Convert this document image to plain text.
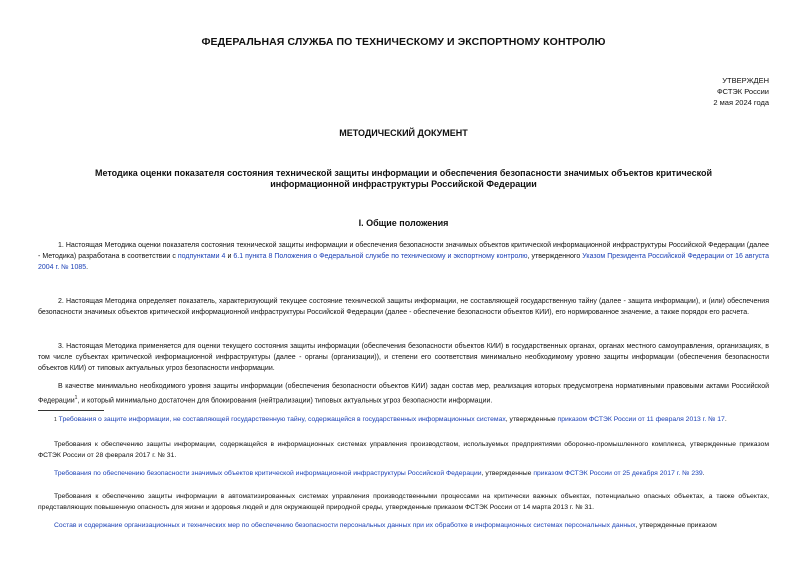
ФЕДЕРАЛЬНАЯ СЛУЖБА ПО ТЕХНИЧЕСКОМУ И ЭКСПОРТНОМУ КОНТРОЛЮ
УТВЕРЖДЕН
ФСТЭК России
2 мая 2024 года
МЕТОДИЧЕСКИЙ ДОКУМЕНТ
Методика оценки показателя состояния технической защиты информации и обеспечения безопасности значимых объектов критической информационной инфраструктуры Российской Федерации
I. Общие положения
1. Настоящая Методика оценки показателя состояния технической защиты информации и обеспечения безопасности значимых объектов критической информационной инфраструктуры Российской Федерации (далее - Методика) разработана в соответствии с подпунктами 4 и 6.1 пункта 8 Положения о Федеральной службе по техническому и экспортному контролю, утвержденного Указом Президента Российской Федерации от 16 августа 2004 г. № 1085.
2. Настоящая Методика определяет показатель, характеризующий текущее состояние технической защиты информации, не составляющей государственную тайну (далее - защита информации), и (или) обеспечения безопасности значимых объектов критической информационной инфраструктуры Российской Федерации (далее - обеспечение безопасности объектов КИИ), его нормированное значение, а также порядок его расчета.
3. Настоящая Методика применяется для оценки текущего состояния защиты информации (обеспечения безопасности объектов КИИ) в государственных органах, органах местного самоуправления, организациях, в том числе субъектах критической информационной инфраструктуры (далее - органы (организации)), и степени его соответствия минимально необходимому уровню защиты информации (обеспечения безопасности объектов КИИ) от типовых актуальных угроз безопасности информации.
В качестве минимально необходимого уровня защиты информации (обеспечения безопасности объектов КИИ) задан состав мер, реализация которых предусмотрена нормативными правовыми актами Российской Федерации$^1$, и который минимально достаточен для блокирования (нейтрализации) типовых актуальных угроз безопасности информации.
$^1$ Требования о защите информации, не составляющей государственную тайну, содержащейся в государственных информационных системах, утвержденные приказом ФСТЭК России от 11 февраля 2013 г. № 17.
Требования к обеспечению защиты информации, содержащейся в информационных системах управления производством, используемых предприятиями оборонно-промышленного комплекса, утвержденные приказом ФСТЭК России от 28 февраля 2017 г. № 31.
Требования по обеспечению безопасности значимых объектов критической информационной инфраструктуры Российской Федерации, утвержденные приказом ФСТЭК России от 25 декабря 2017 г. № 239.
Требования к обеспечению защиты информации в автоматизированных системах управления производственными процессами на критически важных объектах, потенциально опасных объектах, а также объектах, представляющих повышенную опасность для жизни и здоровья людей и для окружающей природной среды, утвержденные приказом ФСТЭК России от 14 марта 2013 г. № 31.
Состав и содержание организационных и технических мер по обеспечению безопасности персональных данных при их обработке в информационных системах персональных данных, утвержденные приказом
